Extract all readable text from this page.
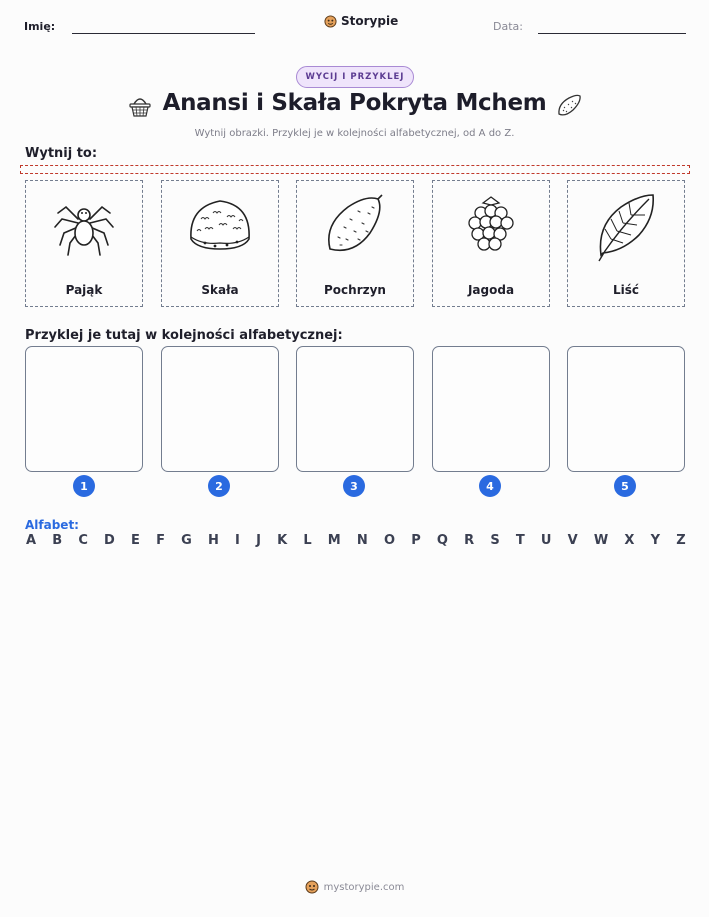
Imię:	Storypie	Data:
WYCIJ I PRZYKLEJ
Anansi i Skała Pokryta Mchem
Wytnij obrazki. Przyklej je w kolejności alfabetycznej, od A do Z.
Wytnij to:
Pająk	Skała	Pochrzyn	Jagoda	Liść
Przyklej je tutaj w kolejności alfabetycznej:
1	2	3	4	5
Alfabet:
A B C D E F G H I J K L M N O P Q R S T U V W X Y Z
mystorypie.com
